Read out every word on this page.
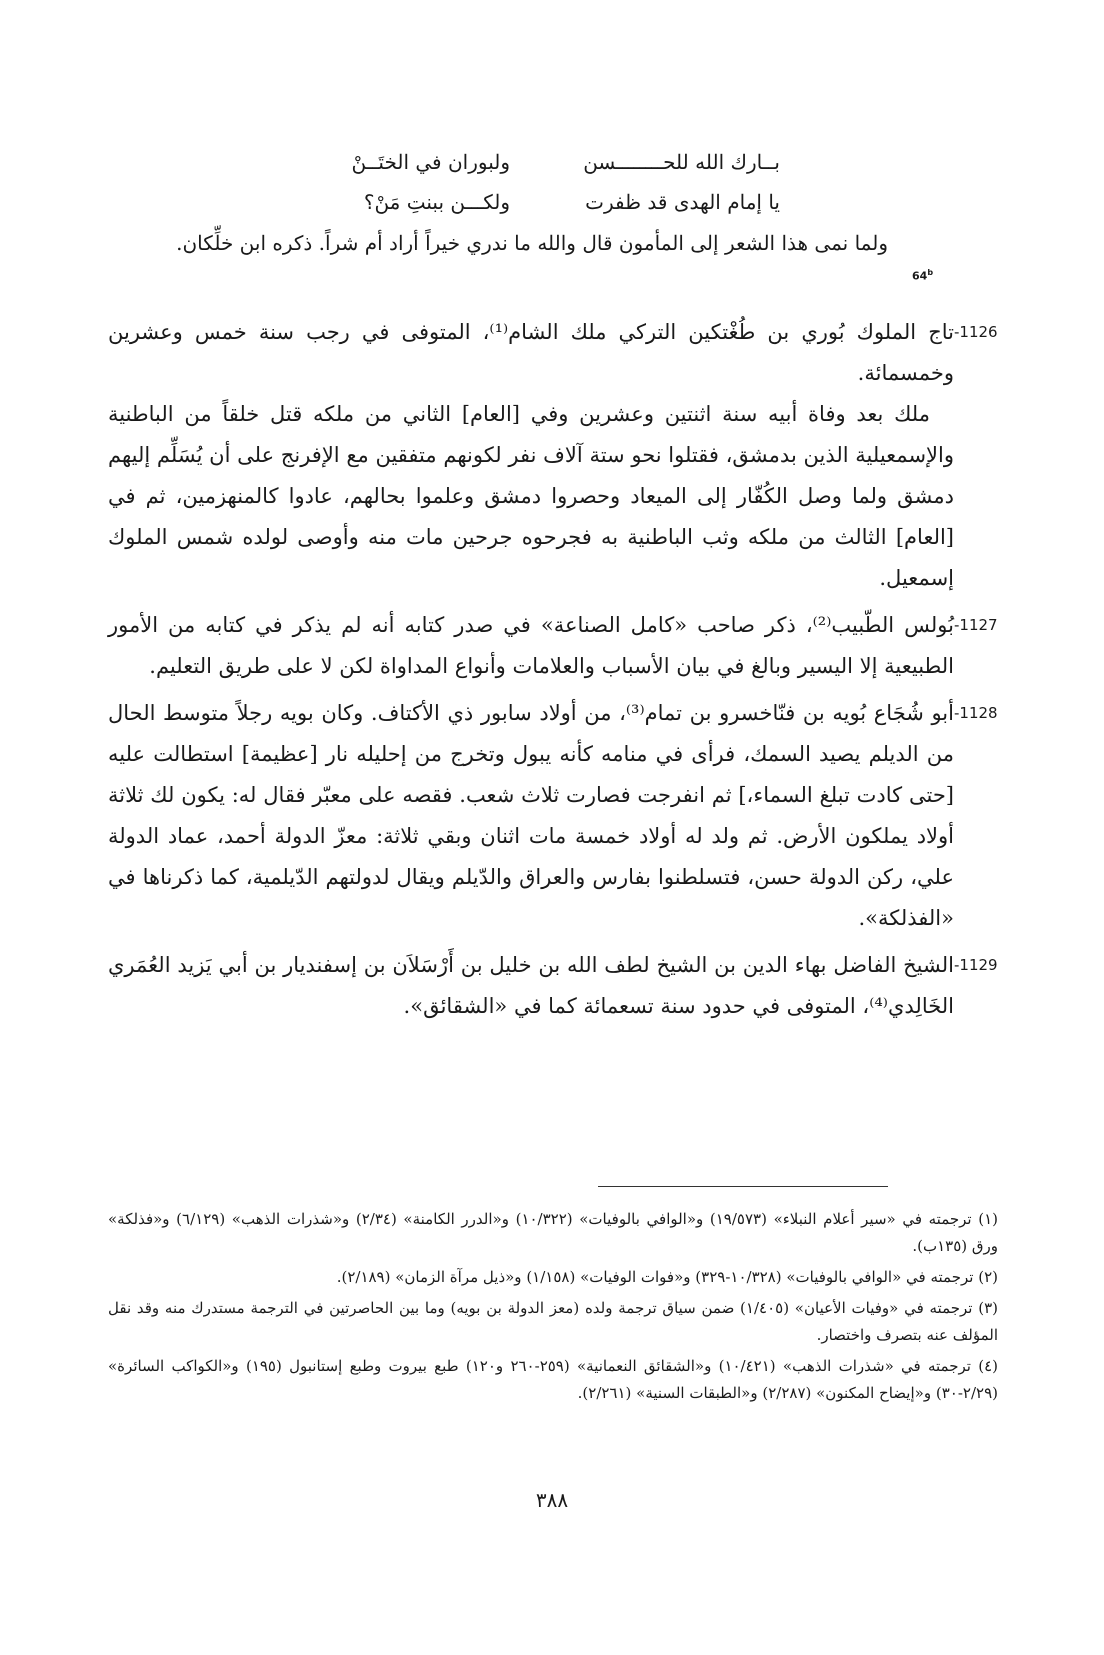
بــارك الله للحــــــــسن
ولبوران في الختَــنْ
يا إمام الهدى قد ظفرت
ولكـــن ببنتِ مَنْ؟
ولما نمى هذا الشعر إلى المأمون قال والله ما ندري خيراً أراد أم شراً. ذكره ابن خلِّكان.
64$^b$
1126-

تاج الملوك بُوري بن طُغْتكين التركي ملك الشام⁽¹⁾، المتوفى في رجب سنة خمس وعشرين وخمسمائة.

ملك بعد وفاة أبيه سنة اثنتين وعشرين وفي [العام] الثاني من ملكه قتل خلقاً من الباطنية والإسمعيلية الذين بدمشق، فقتلوا نحو ستة آلاف نفر لكونهم متفقين مع الإفرنج على أن يُسَلِّم إليهم دمشق ولما وصل الكُفّار إلى الميعاد وحصروا دمشق وعلموا بحالهم، عادوا كالمنهزمين، ثم في [العام] الثالث من ملكه وثب الباطنية به فجرحوه جرحين مات منه وأوصى لولده شمس الملوك إسمعيل.

1127-

بُولس الطّبيب⁽²⁾، ذكر صاحب «كامل الصناعة» في صدر كتابه أنه لم يذكر في كتابه من الأمور الطبيعية إلا اليسير وبالغ في بيان الأسباب والعلامات وأنواع المداواة لكن لا على طريق التعليم.

1128-

أبو شُجَاع بُويه بن فنّاخسرو بن تمام⁽³⁾، من أولاد سابور ذي الأكتاف. وكان بويه رجلاً متوسط الحال من الديلم يصيد السمك، فرأى في منامه كأنه يبول وتخرج من إحليله نار [عظيمة] استطالت عليه [حتى كادت تبلغ السماء،] ثم انفرجت فصارت ثلاث شعب. فقصه على معبّر فقال له: يكون لك ثلاثة أولاد يملكون الأرض. ثم ولد له أولاد خمسة مات اثنان وبقي ثلاثة: معزّ الدولة أحمد، عماد الدولة علي، ركن الدولة حسن، فتسلطنوا بفارس والعراق والدّيلم ويقال لدولتهم الدّيلمية، كما ذكرناها في «الفذلكة».

1129-

الشيخ الفاضل بهاء الدين بن الشيخ لطف الله بن خليل بن أَرْسَلاَن بن إسفنديار بن أبي يَزيد العُمَري الخَالِدي⁽⁴⁾، المتوفى في حدود سنة تسعمائة كما في «الشقائق».

(١) ترجمته في «سير أعلام النبلاء» (١٩/٥٧٣) و«الوافي بالوفيات» (١٠/٣٢٢) و«الدرر الكامنة» (٢/٣٤) و«شذرات الذهب» (٦/١٢٩) و«فذلكة» ورق (١٣٥ب).

(٢) ترجمته في «الوافي بالوفيات» (١٠/٣٢٨-٣٢٩) و«فوات الوفيات» (١/١٥٨) و«ذيل مرآة الزمان» (٢/١٨٩).

(٣) ترجمته في «وفيات الأعيان» (١/٤٠٥) ضمن سياق ترجمة ولده (معز الدولة بن بويه) وما بين الحاصرتين في الترجمة مستدرك منه وقد نقل المؤلف عنه بتصرف واختصار.

(٤) ترجمته في «شذرات الذهب» (١٠/٤٢١) و«الشقائق النعمانية» (٢٥٩-٢٦٠ و١٢٠) طبع بيروت وطبع إستانبول (١٩٥) و«الكواكب السائرة» (٢/٢٩-٣٠) و«إيضاح المكنون» (٢/٢٨٧) و«الطبقات السنية» (٢/٢٦١).

٣٨٨
